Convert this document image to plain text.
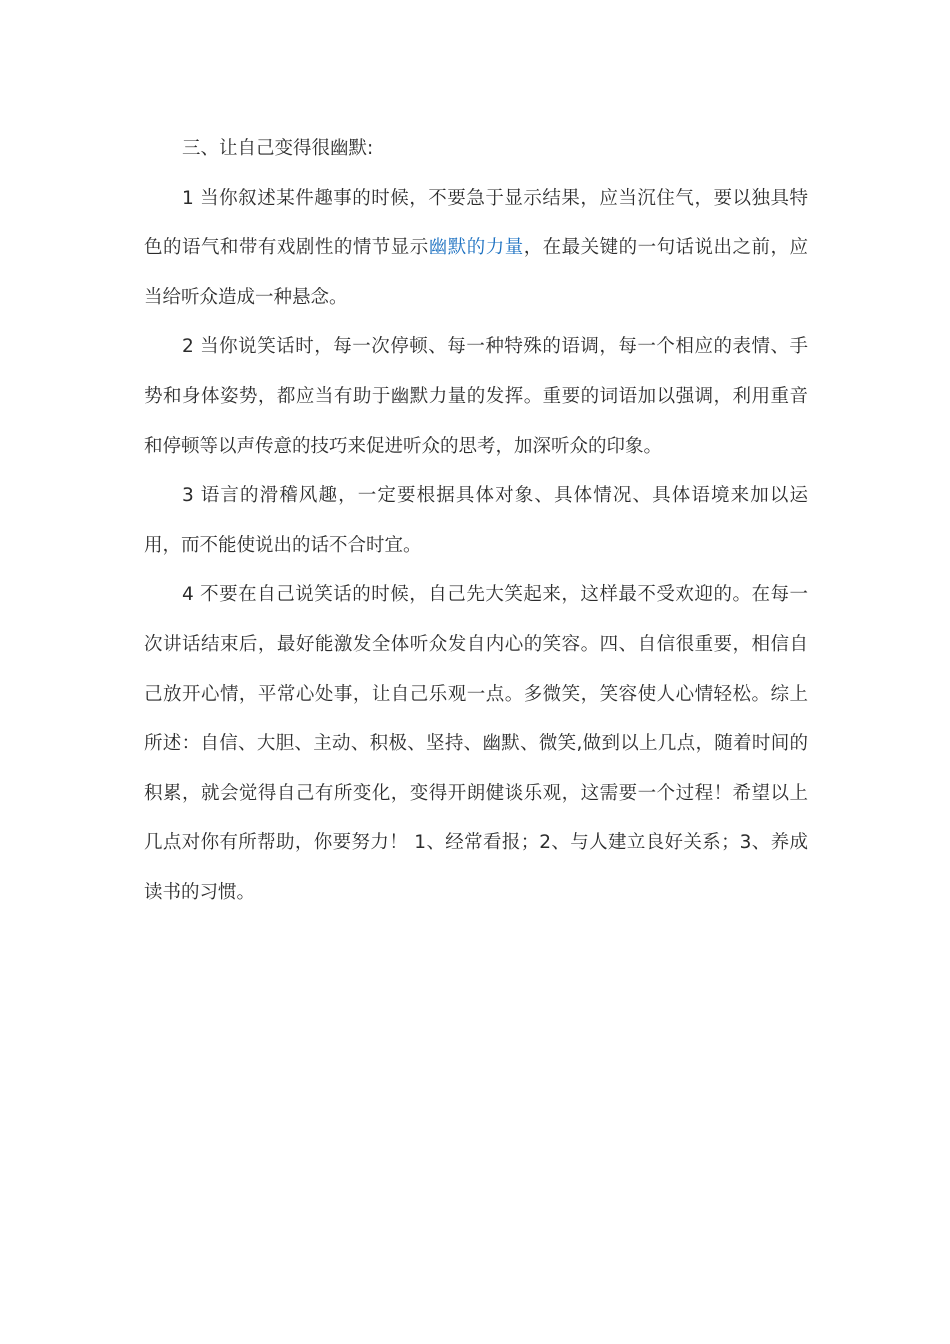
三、让自己变得很幽默:

1 当你叙述某件趣事的时候，不要急于显示结果，应当沉住气，要以独具特色的语气和带有戏剧性的情节显示幽默的力量，在最关键的一句话说出之前，应当给听众造成一种悬念。

2 当你说笑话时，每一次停顿、每一种特殊的语调，每一个相应的表情、手势和身体姿势，都应当有助于幽默力量的发挥。重要的词语加以强调，利用重音和停顿等以声传意的技巧来促进听众的思考，加深听众的印象。

3 语言的滑稽风趣，一定要根据具体对象、具体情况、具体语境来加以运用，而不能使说出的话不合时宜。

4 不要在自己说笑话的时候，自己先大笑起来，这样最不受欢迎的。在每一次讲话结束后，最好能激发全体听众发自内心的笑容。四、自信很重要，相信自己放开心情，平常心处事，让自己乐观一点。多微笑，笑容使人心情轻松。综上所述：自信、大胆、主动、积极、坚持、幽默、微笑,做到以上几点，随着时间的积累，就会觉得自己有所变化，变得开朗健谈乐观，这需要一个过程！希望以上几点对你有所帮助，你要努力！ 1、经常看报；2、与人建立良好关系；3、养成读书的习惯。
